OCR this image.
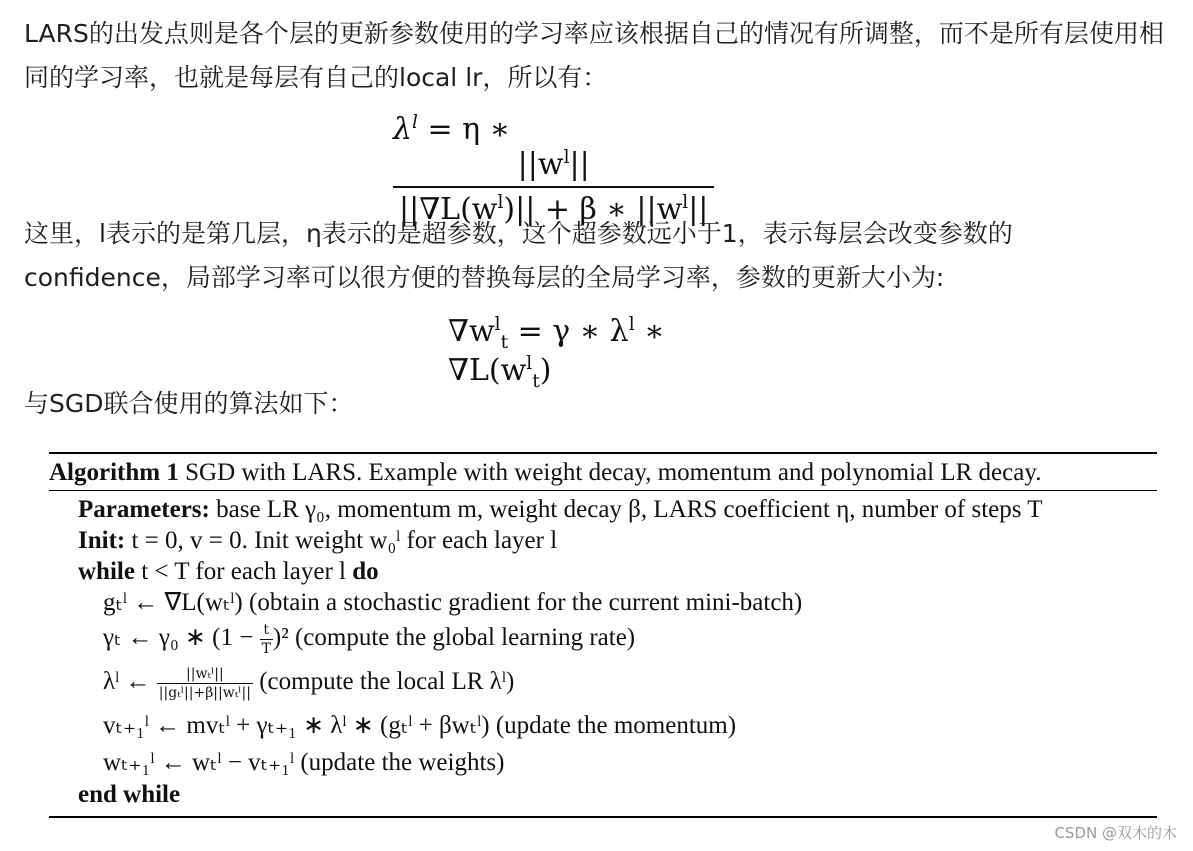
LARS的出发点则是各个层的更新参数使用的学习率应该根据自己的情况有所调整，而不是所有层使用相同的学习率，也就是每层有自己的local lr，所以有：

$\lambda^l = \eta$ ∗
$\frac{||w^l||}{||\nabla L(w^l)|| + \beta ∗ ||w^l||}$

这里，l表示的是第几层，η表示的是超参数，这个超参数远小于1，表示每层会改变参数的confidence，局部学习率可以很方便的替换每层的全局学习率，参数的更新大小为:

$\nabla w^l_t = \gamma$ ∗ $\lambda^l$ ∗ $\nabla L(w^l_t)$

与SGD联合使用的算法如下：

Algorithm 1 SGD with LARS. Example with weight decay, momentum and polynomial LR decay.
Parameters: base LR γ₀, momentum m, weight decay β, LARS coefficient η, number of steps T
Init: t = 0, v = 0. Init weight w₀ˡ for each layer l
while t < T for each layer l do
gₜˡ ← ∇L(wₜˡ) (obtain a stochastic gradient for the current mini-batch)
γₜ ← γ₀ ∗ $(1 - \frac{t}{T} )^2$ (compute the global learning rate)
λˡ ← $\frac{\text{||wₜˡ||}}{\text{||gₜˡ||+β||wₜˡ||}}$ (compute the local LR λˡ)
vₜ₊₁ˡ ← mvₜˡ + γₜ₊₁ ∗ λˡ ∗ (gₜˡ + βwₜˡ) (update the momentum)
wₜ₊₁ˡ ← wₜˡ − vₜ₊₁ˡ (update the weights)
end while
CSDN @双木的木
